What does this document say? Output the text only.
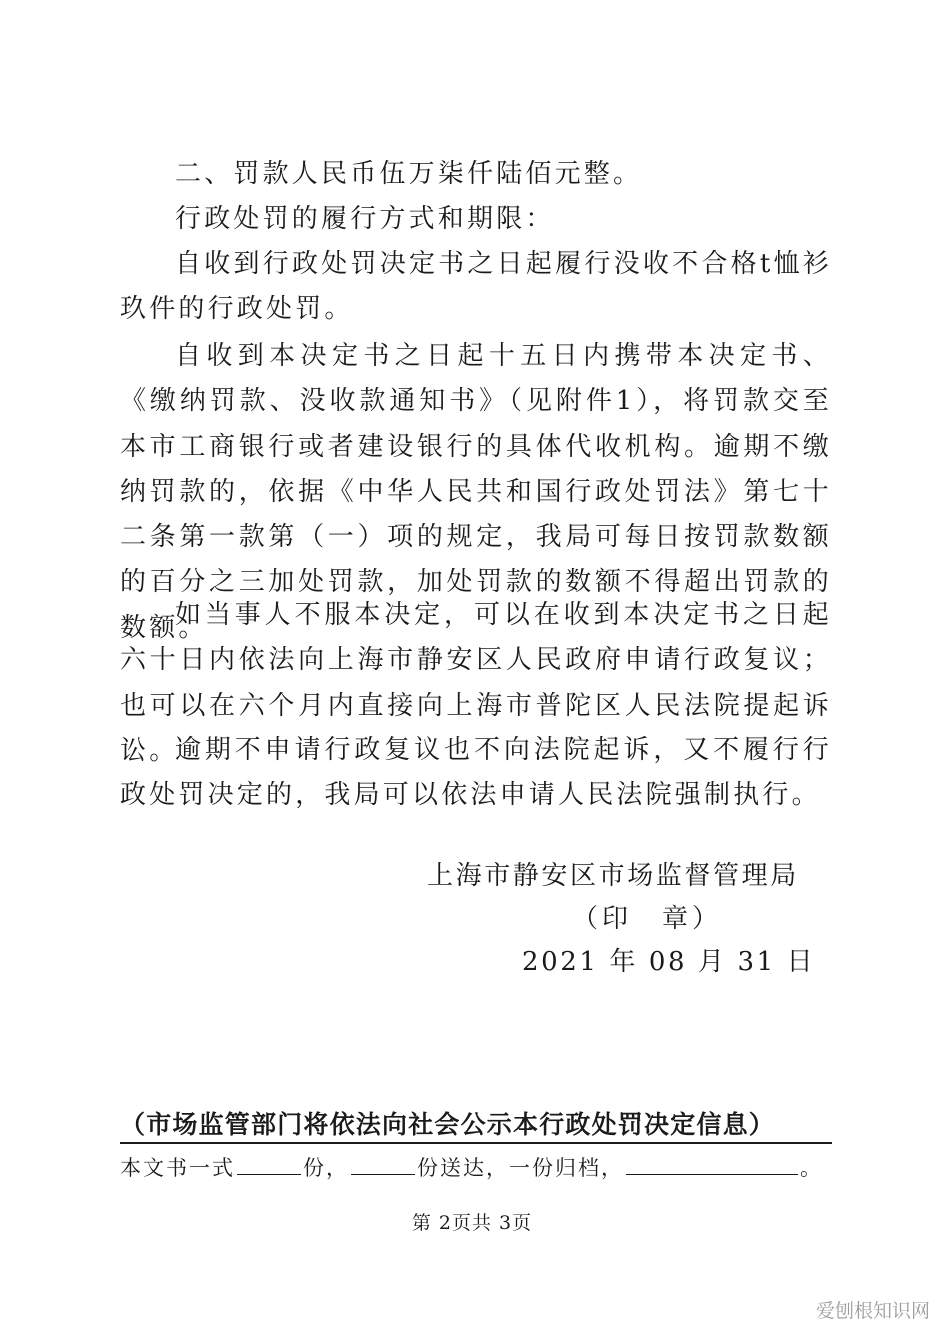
二、罚款人民币伍万柒仟陆佰元整。

行政处罚的履行方式和期限：

自收到行政处罚决定书之日起履行没收不合格t恤衫玖件的行政处罚。

自收到本决定书之日起十五日内携带本决定书、《缴纳罚款、没收款通知书》（见附件1），将罚款交至本市工商银行或者建设银行的具体代收机构。逾期不缴纳罚款的，依据《中华人民共和国行政处罚法》第七十二条第一款第（一）项的规定，我局可每日按罚款数额的百分之三加处罚款，加处罚款的数额不得超出罚款的数额。

如当事人不服本决定，可以在收到本决定书之日起六十日内依法向上海市静安区人民政府申请行政复议；也可以在六个月内直接向上海市普陀区人民法院提起诉讼。

逾期不申请行政复议也不向法院起诉，又不履行行政处罚决定的，我局可以依法申请人民法院强制执行。

上海市静安区市场监督管理局

（印　章）

2021 年 08 月 31 日

（市场监管部门将依法向社会公示本行政处罚决定信息）

本文书一式	份，	份送达，一份归档，	。

第 2页共 3页

爱刨根知识网
